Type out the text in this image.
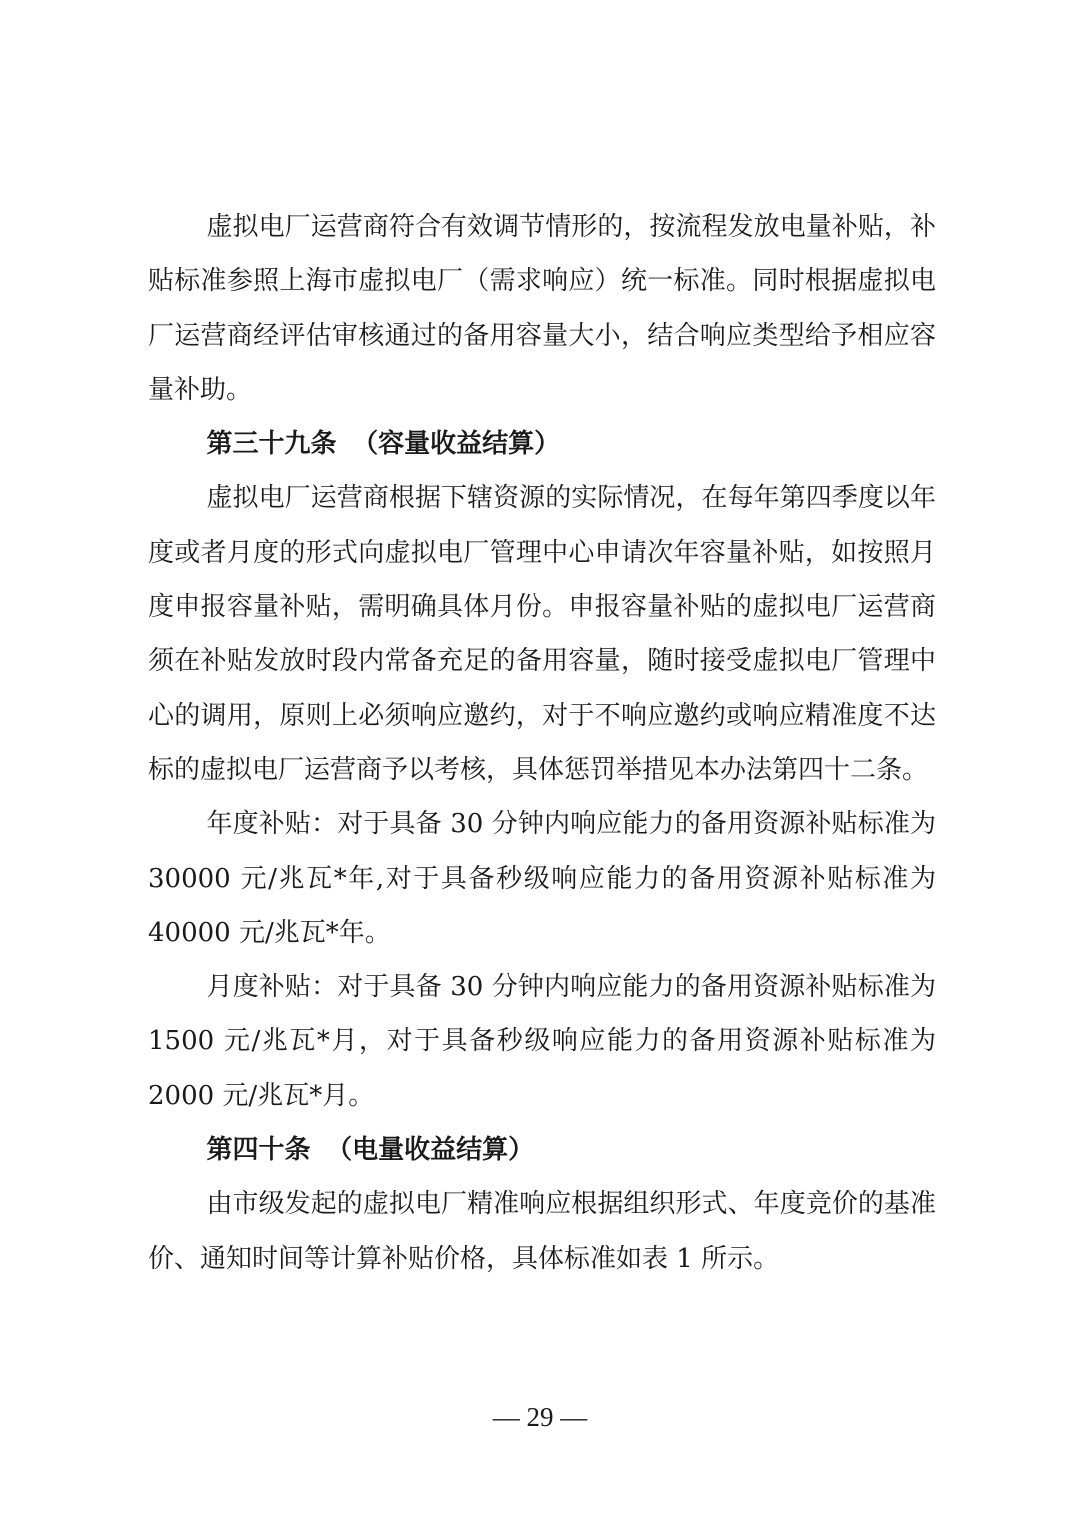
虚拟电厂运营商符合有效调节情形的，按流程发放电量补贴，补贴标准参照上海市虚拟电厂（需求响应）统一标准。同时根据虚拟电厂运营商经评估审核通过的备用容量大小，结合响应类型给予相应容量补助。

第三十九条 （容量收益结算）

虚拟电厂运营商根据下辖资源的实际情况，在每年第四季度以年度或者月度的形式向虚拟电厂管理中心申请次年容量补贴，如按照月度申报容量补贴，需明确具体月份。申报容量补贴的虚拟电厂运营商须在补贴发放时段内常备充足的备用容量，随时接受虚拟电厂管理中心的调用，原则上必须响应邀约，对于不响应邀约或响应精准度不达标的虚拟电厂运营商予以考核，具体惩罚举措见本办法第四十二条。

年度补贴：对于具备 30 分钟内响应能力的备用资源补贴标准为 30000 元/兆瓦*年,对于具备秒级响应能力的备用资源补贴标准为 40000 元/兆瓦*年。

月度补贴：对于具备 30 分钟内响应能力的备用资源补贴标准为 1500 元/兆瓦*月，对于具备秒级响应能力的备用资源补贴标准为 2000 元/兆瓦*月。

第四十条 （电量收益结算）

由市级发起的虚拟电厂精准响应根据组织形式、年度竞价的基准价、通知时间等计算补贴价格，具体标准如表 1 所示。

— 29 —
